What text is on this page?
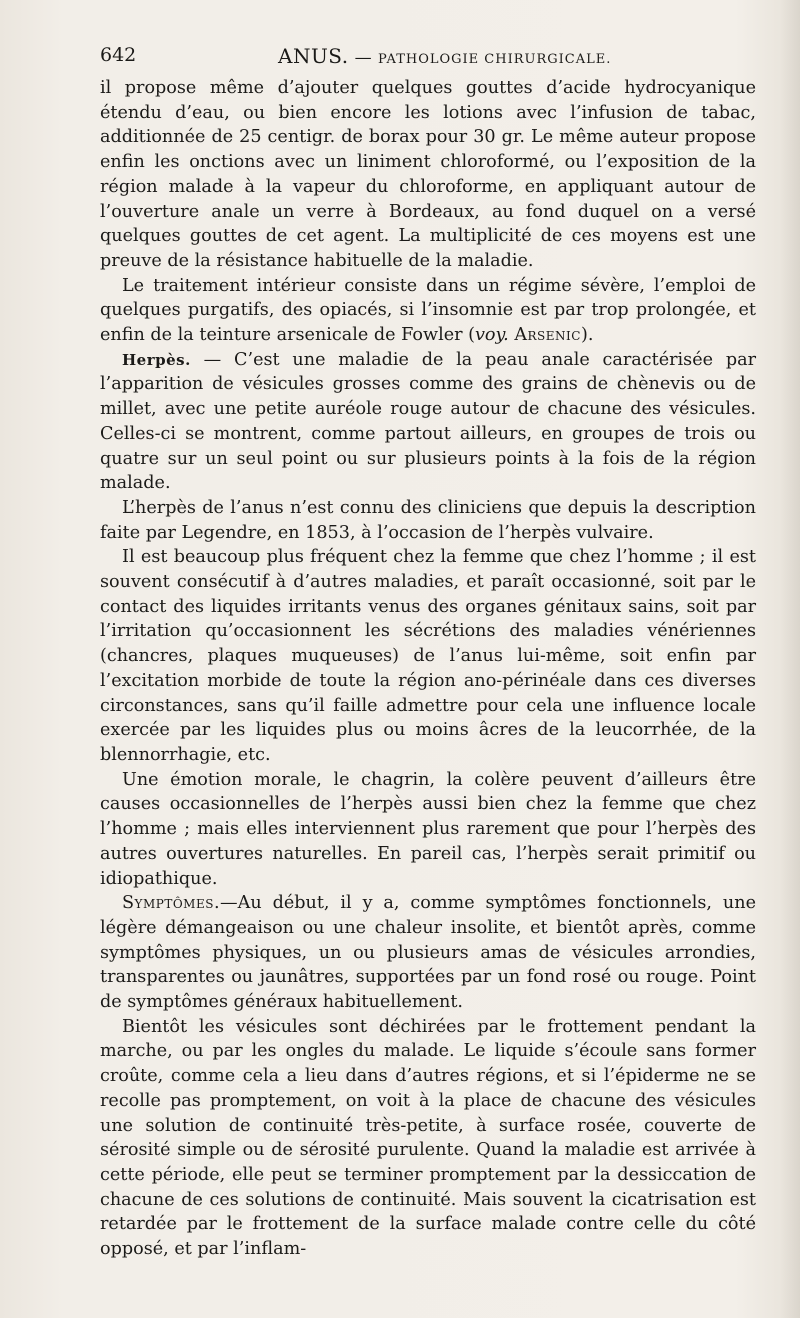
642	ANUS. — PATHOLOGIE CHIRURGICALE.

il propose même d’ajouter quelques gouttes d’acide hydrocyanique étendu d’eau, ou bien encore les lotions avec l’infusion de tabac, additionnée de 25 centigr. de borax pour 30 gr. Le même auteur propose enfin les onctions avec un liniment chloroformé, ou l’exposition de la région malade à la vapeur du chloroforme, en appliquant autour de l’ouverture anale un verre à Bordeaux, au fond duquel on a versé quelques gouttes de cet agent. La multiplicité de ces moyens est une preuve de la résistance habituelle de la maladie.

Le traitement intérieur consiste dans un régime sévère, l’emploi de quelques purgatifs, des opiacés, si l’insomnie est par trop prolongée, et enfin de la teinture arsenicale de Fowler (voy. Arsenic).

Herpès. — C’est une maladie de la peau anale caractérisée par l’apparition de vésicules grosses comme des grains de chènevis ou de millet, avec une petite auréole rouge autour de chacune des vésicules. Celles-ci se montrent, comme partout ailleurs, en groupes de trois ou quatre sur un seul point ou sur plusieurs points à la fois de la région malade.

L’herpès de l’anus n’est connu des cliniciens que depuis la description faite par Legendre, en 1853, à l’occasion de l’herpès vulvaire.

Il est beaucoup plus fréquent chez la femme que chez l’homme ; il est souvent consécutif à d’autres maladies, et paraît occasionné, soit par le contact des liquides irritants venus des organes génitaux sains, soit par l’irritation qu’occasionnent les sécrétions des maladies vénériennes (chancres, plaques muqueuses) de l’anus lui-même, soit enfin par l’excitation morbide de toute la région ano-périnéale dans ces diverses circonstances, sans qu’il faille admettre pour cela une influence locale exercée par les liquides plus ou moins âcres de la leucorrhée, de la blennorrhagie, etc.

Une émotion morale, le chagrin, la colère peuvent d’ailleurs être causes occasionnelles de l’herpès aussi bien chez la femme que chez l’homme ; mais elles interviennent plus rarement que pour l’herpès des autres ouvertures naturelles. En pareil cas, l’herpès serait primitif ou idiopathique.

Symptômes.—Au début, il y a, comme symptômes fonctionnels, une légère démangeaison ou une chaleur insolite, et bientôt après, comme symptômes physiques, un ou plusieurs amas de vésicules arrondies, transparentes ou jaunâtres, supportées par un fond rosé ou rouge. Point de symptômes généraux habituellement.

Bientôt les vésicules sont déchirées par le frottement pendant la marche, ou par les ongles du malade. Le liquide s’écoule sans former croûte, comme cela a lieu dans d’autres régions, et si l’épiderme ne se recolle pas promptement, on voit à la place de chacune des vésicules une solution de continuité très-petite, à surface rosée, couverte de sérosité simple ou de sérosité purulente. Quand la maladie est arrivée à cette période, elle peut se terminer promptement par la dessiccation de chacune de ces solutions de continuité. Mais souvent la cicatrisation est retardée par le frottement de la surface malade contre celle du côté opposé, et par l’inflam-
